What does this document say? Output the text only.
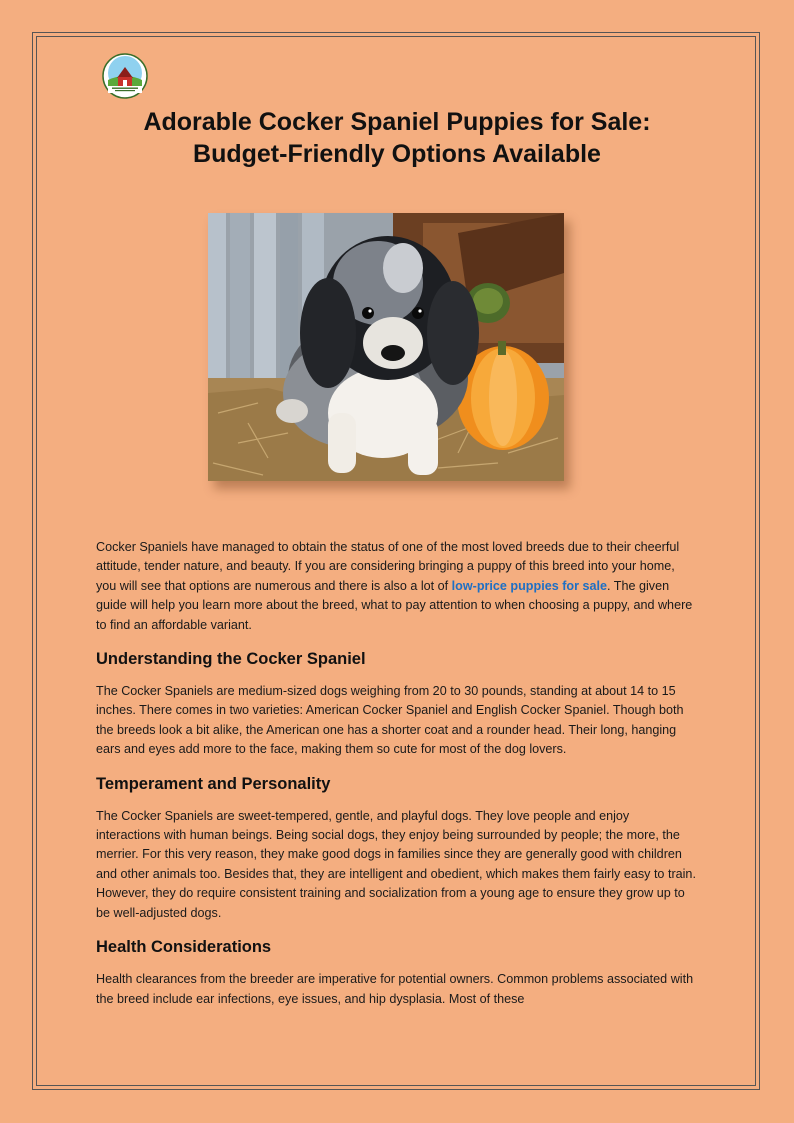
Adorable Cocker Spaniel Puppies for Sale:
Budget-Friendly Options Available

Cocker Spaniels have managed to obtain the status of one of the most loved breeds due to their cheerful attitude, tender nature, and beauty. If you are considering bringing a puppy of this breed into your home, you will see that options are numerous and there is also a lot of low-price puppies for sale. The given guide will help you learn more about the breed, what to pay attention to when choosing a puppy, and where to find an affordable variant.

Understanding the Cocker Spaniel

The Cocker Spaniels are medium-sized dogs weighing from 20 to 30 pounds, standing at about 14 to 15 inches. There comes in two varieties: American Cocker Spaniel and English Cocker Spaniel. Though both the breeds look a bit alike, the American one has a shorter coat and a rounder head. Their long, hanging ears and eyes add more to the face, making them so cute for most of the dog lovers.

Temperament and Personality

The Cocker Spaniels are sweet-tempered, gentle, and playful dogs. They love people and enjoy interactions with human beings. Being social dogs, they enjoy being surrounded by people; the more, the merrier. For this very reason, they make good dogs in families since they are generally good with children and other animals too. Besides that, they are intelligent and obedient, which makes them fairly easy to train. However, they do require consistent training and socialization from a young age to ensure they grow up to be well-adjusted dogs.

Health Considerations

Health clearances from the breeder are imperative for potential owners. Common problems associated with the breed include ear infections, eye issues, and hip dysplasia. Most of these
